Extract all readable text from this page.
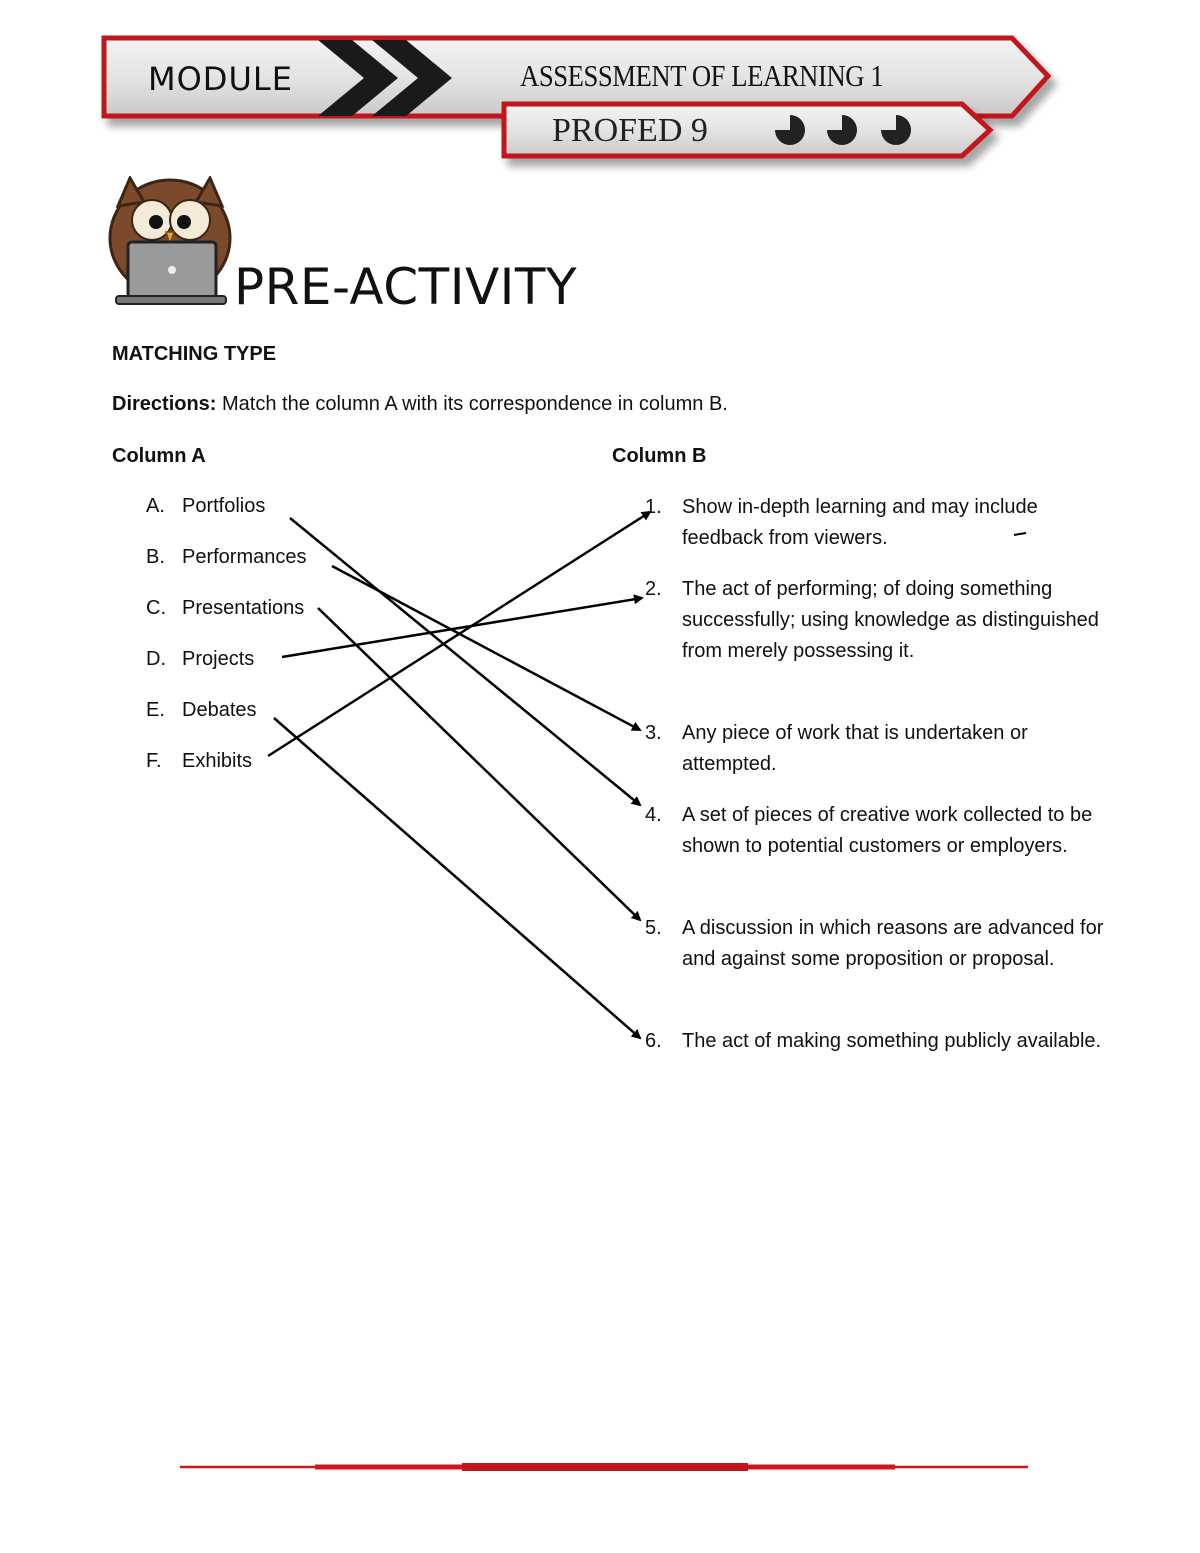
MODULE	ASSESSMENT OF LEARNING 1
PROFED 9
PRE-ACTIVITY
MATCHING TYPE
Directions: Match the column A with its correspondence in column B.
Column A	Column B
A. Portfolios
B. Performances
C. Presentations
D. Projects
E. Debates
F. Exhibits
1. Show in-depth learning and may include feedback from viewers.
2. The act of performing; of doing something successfully; using knowledge as distinguished from merely possessing it.
3. Any piece of work that is undertaken or attempted.
4. A set of pieces of creative work collected to be shown to potential customers or employers.
5. A discussion in which reasons are advanced for and against some proposition or proposal.
6. The act of making something publicly available.
